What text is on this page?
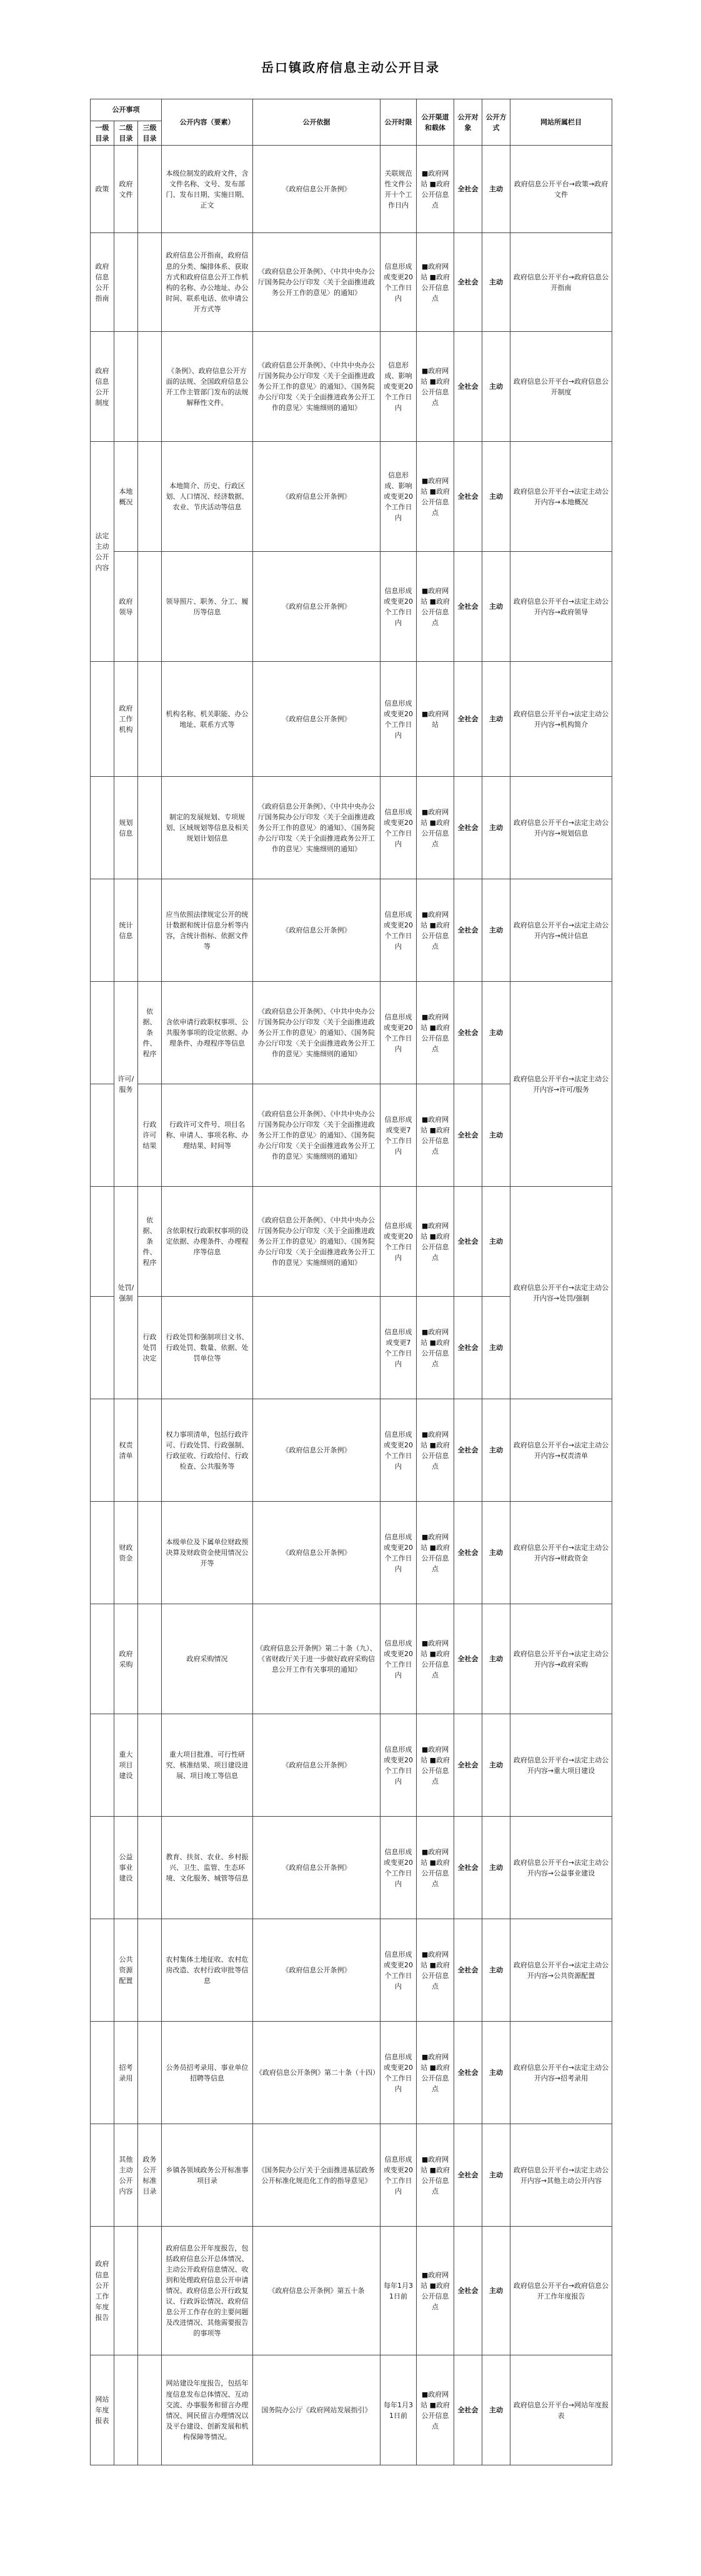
岳口镇政府信息主动公开目录
公开事项			公开内容（要素）	公开依据	公开时限	公开渠道和载体	公开对象	公开方式	网站所属栏目
一级目录	二级目录	三级目录							
政策	政府文件		本级位制发的政府文件，含文件名称、文号、发布部门、发布日期、实施日期、正文	《政府信息公开条例》	关联规范性文件公开十个工作日内	■政府网站 ■政府公开信息点	全社会	主动	政府信息公开平台→政策→政府文件
政府信息公开指南			政府信息公开指南，政府信息的分类、编排体系、获取方式和政府信息公开工作机构的名称、办公地址、办公时间、联系电话、依申请公开方式等	《政府信息公开条例》、《中共中央办公厅国务院办公厅印发〈关于全面推进政务公开工作的意见〉的通知》	信息形成或变更20个工作日内	■政府网站 ■政府公开信息点	全社会	主动	政府信息公开平台→政府信息公开指南
政府信息公开制度			《条例》、政府信息公开方面的法规、全国政府信息公开工作主管部门发布的法规解释性文件。	《政府信息公开条例》、《中共中央办公厅国务院办公厅印发〈关于全面推进政务公开工作的意见〉的通知》、《国务院办公厅印发〈关于全面推进政务公开工作的意见〉实施细则的通知》	信息形成、影响或变更20个工作日内	■政府网站 ■政府公开信息点	全社会	主动	政府信息公开平台→政府信息公开制度
法定主动公开内容	本地概况		本地简介、历史、行政区划、人口情况、经济数据、农业、节庆活动等信息	《政府信息公开条例》	信息形成、影响或变更20个工作日内	■政府网站 ■政府公开信息点	全社会	主动	政府信息公开平台→法定主动公开内容→本地概况
	政府领导		领导照片、职务、分工、履历等信息	《政府信息公开条例》	信息形成或变更20个工作日内	■政府网站 ■政府公开信息点	全社会	主动	政府信息公开平台→法定主动公开内容→政府领导
	政府工作机构		机构名称、机关职能、办公地址、联系方式等	《政府信息公开条例》	信息形成或变更20个工作日内	■政府网站	全社会	主动	政府信息公开平台→法定主动公开内容→机构简介
	规划信息		制定的发展规划、专项规划、区域规划等信息及相关规划计划信息	《政府信息公开条例》、《中共中央办公厅国务院办公厅印发〈关于全面推进政务公开工作的意见〉的通知》、《国务院办公厅印发〈关于全面推进政务公开工作的意见〉实施细则的通知》	信息形成或变更20个工作日内	■政府网站 ■政府公开信息点	全社会	主动	政府信息公开平台→法定主动公开内容→规划信息
	统计信息		应当依照法律规定公开的统计数据和统计信息分析等内容，含统计指标、依据文件等	《政府信息公开条例》	信息形成或变更20个工作日内	■政府网站 ■政府公开信息点	全社会	主动	政府信息公开平台→法定主动公开内容→统计信息
	许可/服务	依据、条件、程序	含依申请行政职权事项、公共服务事项的设定依据、办理条件、办理程序等信息	《政府信息公开条例》、《中共中央办公厅国务院办公厅印发〈关于全面推进政务公开工作的意见〉的通知》、《国务院办公厅印发〈关于全面推进政务公开工作的意见〉实施细则的通知》	信息形成或变更20个工作日内	■政府网站 ■政府公开信息点	全社会	主动	政府信息公开平台→法定主动公开内容→许可/服务
		行政许可结果	行政许可文件号、项目名称、申请人、事项名称、办理结果、时间等	《政府信息公开条例》、《中共中央办公厅国务院办公厅印发〈关于全面推进政务公开工作的意见〉的通知》、《国务院办公厅印发〈关于全面推进政务公开工作的意见〉实施细则的通知》	信息形成或变更7个工作日内	■政府网站 ■政府公开信息点	全社会	主动	
	处罚/强制	依据、条件、程序	含依职权行政职权事项的设定依据、办理条件、办理程序等信息	《政府信息公开条例》、《中共中央办公厅国务院办公厅印发〈关于全面推进政务公开工作的意见〉的通知》、《国务院办公厅印发〈关于全面推进政务公开工作的意见〉实施细则的通知》	信息形成或变更20个工作日内	■政府网站 ■政府公开信息点	全社会	主动	政府信息公开平台→法定主动公开内容→处罚/强制
		行政处罚决定	行政处罚和强制项目文书、行政处罚、数量、依据、处罚单位等		信息形成或变更7个工作日内	■政府网站 ■政府公开信息点	全社会	主动	
	权责清单		权力事项清单，包括行政许可、行政处罚、行政强制、行政征收、行政给付、行政检查、公共服务等	《政府信息公开条例》	信息形成或变更20个工作日内	■政府网站 ■政府公开信息点	全社会	主动	政府信息公开平台→法定主动公开内容→权责清单
	财政资金		本级单位及下属单位财政预决算及财政资金使用情况公开等	《政府信息公开条例》	信息形成或变更20个工作日内	■政府网站 ■政府公开信息点	全社会	主动	政府信息公开平台→法定主动公开内容→财政资金
	政府采购		政府采购情况	《政府信息公开条例》第二十条（九）、《省财政厅关于进一步做好政府采购信息公开工作有关事项的通知》	信息形成或变更20个工作日内	■政府网站 ■政府公开信息点	全社会	主动	政府信息公开平台→法定主动公开内容→政府采购
	重大项目建设		重大项目批准、可行性研究、核准结果、项目建设进展、项目竣工等信息	《政府信息公开条例》	信息形成或变更20个工作日内	■政府网站 ■政府公开信息点	全社会	主动	政府信息公开平台→法定主动公开内容→重大项目建设
	公益事业建设		教育、扶贫、农业、乡村振兴、卫生、监管、生态环境、文化服务、城管等信息	《政府信息公开条例》	信息形成或变更20个工作日内	■政府网站 ■政府公开信息点	全社会	主动	政府信息公开平台→法定主动公开内容→公益事业建设
	公共资源配置		农村集体土地征收、农村危房改造、农村行政审批等信息	《政府信息公开条例》	信息形成或变更20个工作日内	■政府网站 ■政府公开信息点	全社会	主动	政府信息公开平台→法定主动公开内容→公共资源配置
	招考录用		公务员招考录用、事业单位招聘等信息	《政府信息公开条例》第二十条（十四）	信息形成或变更20个工作日内	■政府网站 ■政府公开信息点	全社会	主动	政府信息公开平台→法定主动公开内容→招考录用
	其他主动公开内容	政务公开标准目录	乡镇各领域政务公开标准事项目录	《国务院办公厅关于全面推进基层政务公开标准化规范化工作的指导意见》	信息形成或变更20个工作日内	■政府网站 ■政府公开信息点	全社会	主动	政府信息公开平台→法定主动公开内容→其他主动公开内容
政府信息公开工作年度报告			政府信息公开年度报告，包括政府信息公开总体情况、主动公开政府信息情况、收到和处理政府信息公开申请情况、政府信息公开行政复议、行政诉讼情况、政府信息公开工作存在的主要问题及改进情况、其他需要报告的事项等	《政府信息公开条例》第五十条	每年1月31日前	■政府网站 ■政府公开信息点	全社会	主动	政府信息公开平台→政府信息公开工作年度报告
网站年度报表			网站建设年度报告，包括年度信息发布总体情况、互动交流、办事服务和留言办理情况、网民留言办理情况以及平台建设、创新发展和机构保障等情况。	国务院办公厅《政府网站发展指引》	每年1月31日前	■政府网站 ■政府公开信息点	全社会	主动	政府信息公开平台→网站年度报表
